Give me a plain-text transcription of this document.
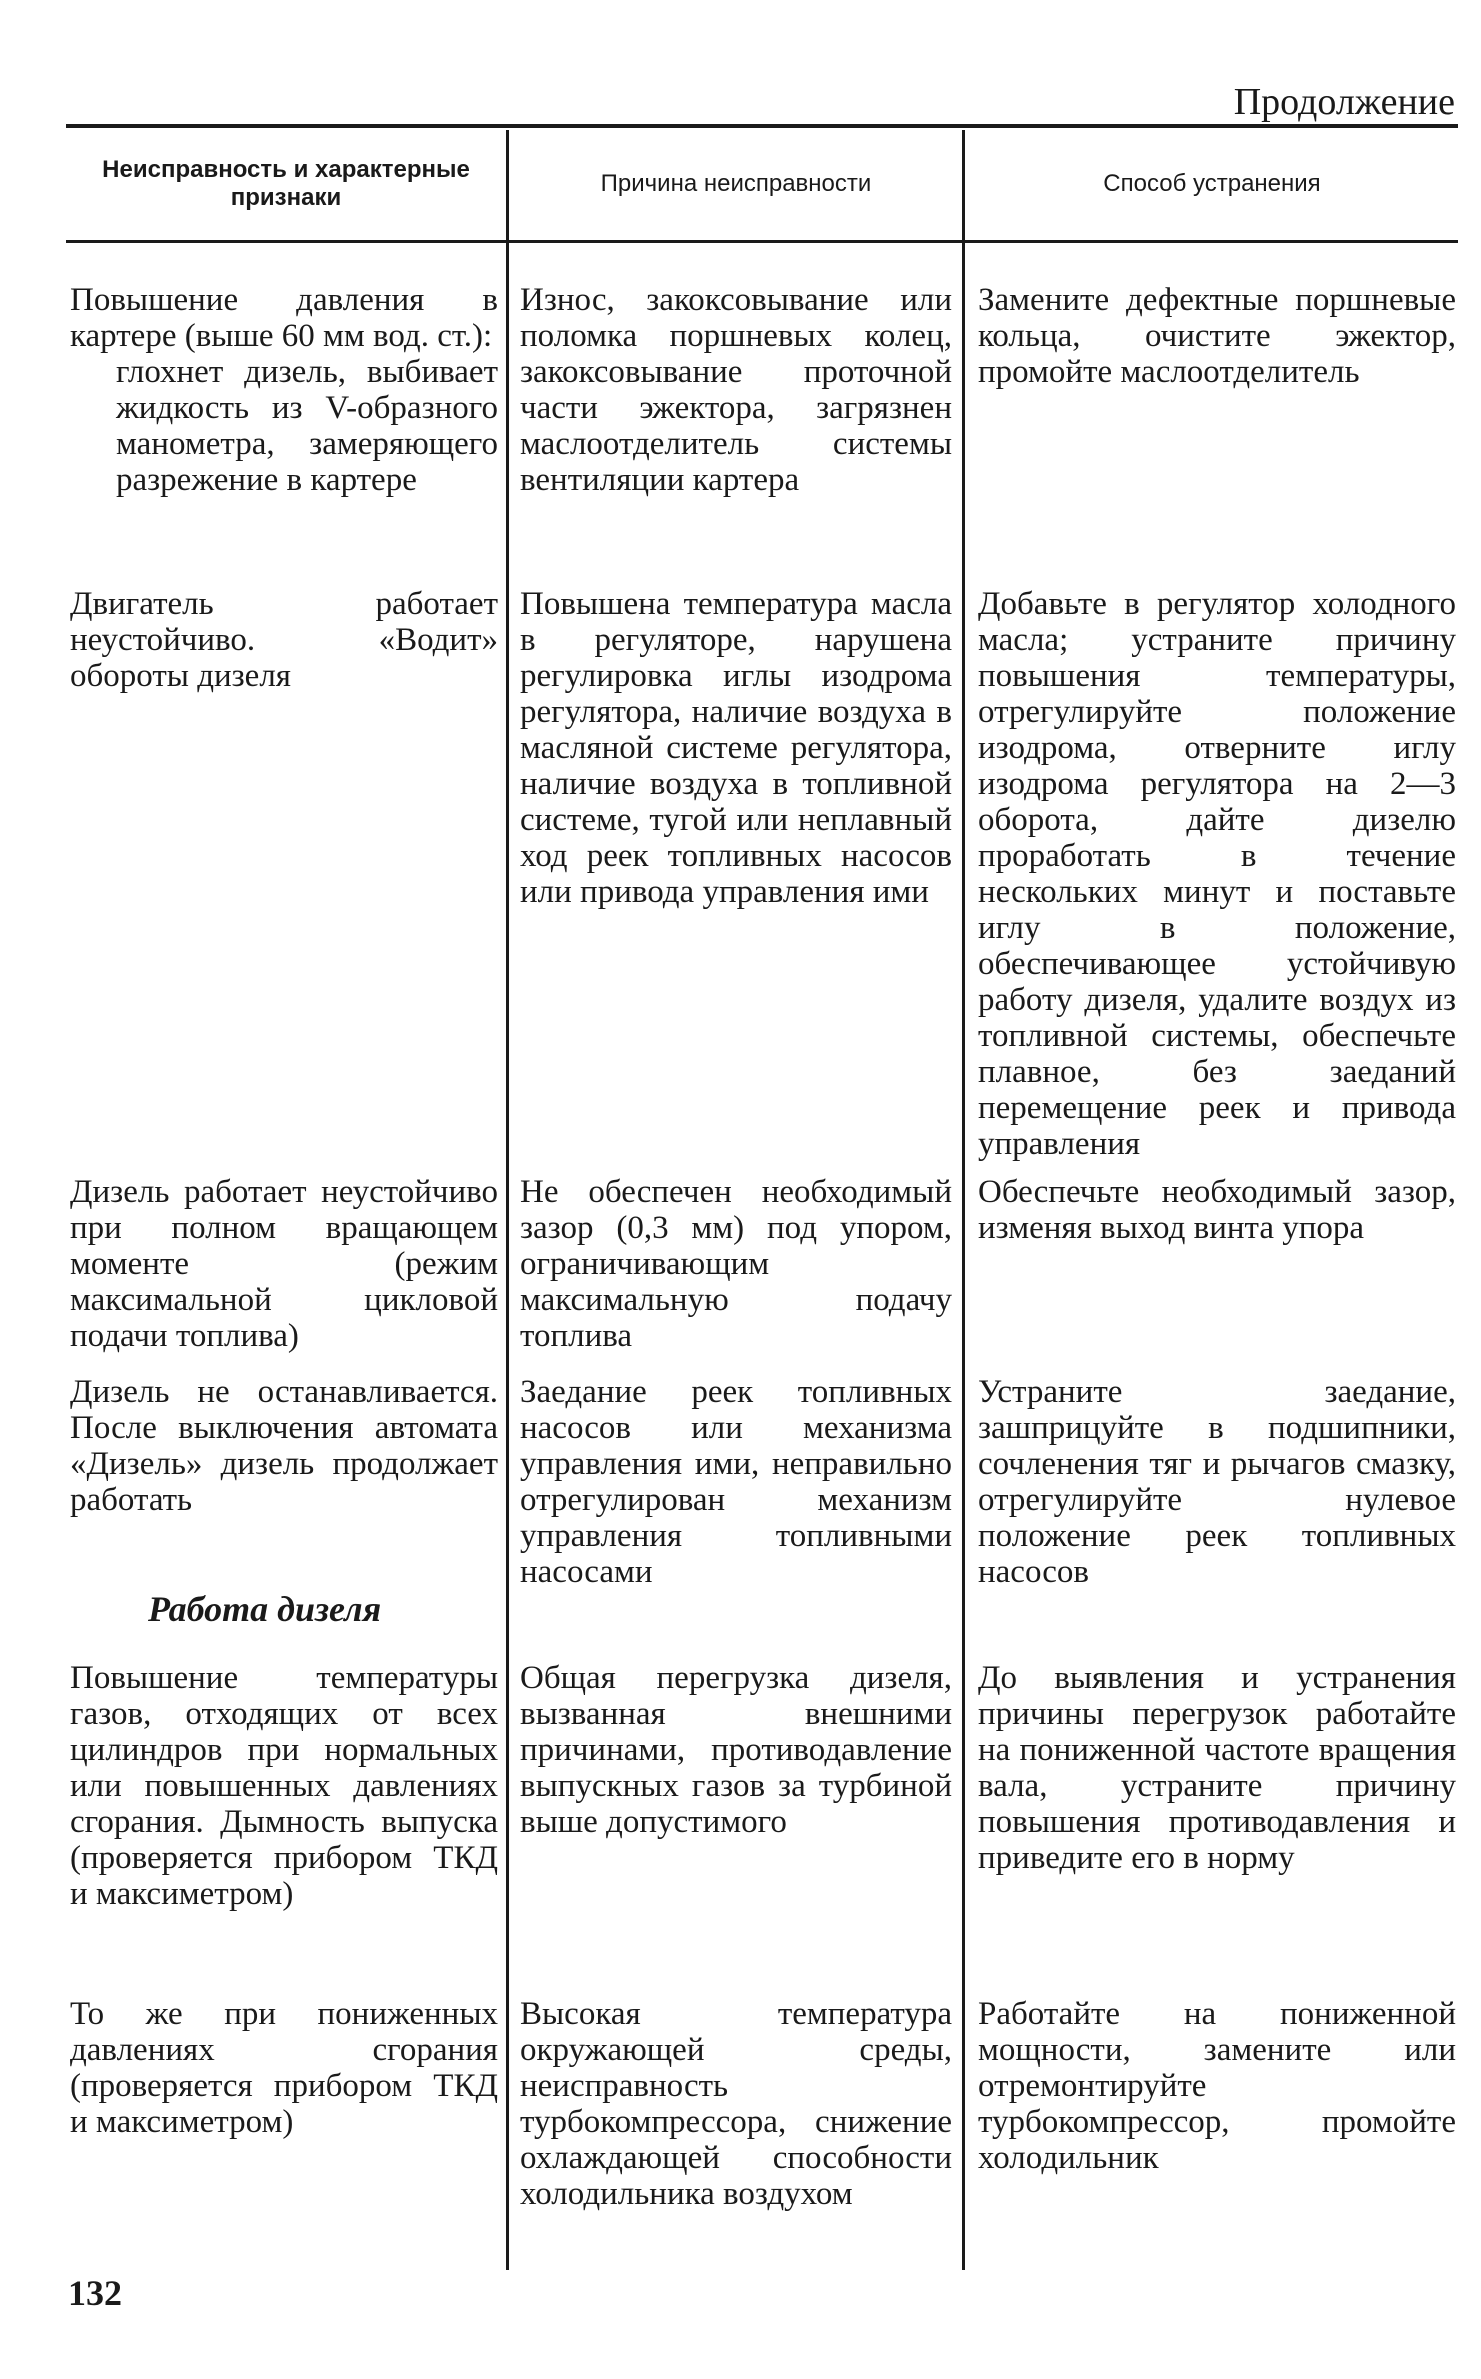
Продолжение
Неисправность и характерные признаки
Причина неисправности	Способ устранения
Повышение давления в картере (выше 60 мм вод. ст.):
глохнет дизель, выбивает жидкость из V-образного манометра, замеряющего разрежение в картере
Износ, закоксовывание или поломка поршневых колец, закоксовывание проточной части эжектора, загрязнен маслоотделитель системы вентиляции картера
Замените дефектные поршневые кольца, очистите эжектор, промойте маслоотделитель
Двигатель работает неустойчиво. «Водит» обороты дизеля
Повышена температура масла в регуляторе, нарушена регулировка иглы изодрома регулятора, наличие воздуха в масляной системе регулятора, наличие воздуха в топливной системе, тугой или неплавный ход реек топливных насосов или привода управления ими
Добавьте в регулятор холодного масла; устраните причину повышения температуры, отрегулируйте положение изодрома, отверните иглу изодрома регулятора на 2—3 оборота, дайте дизелю проработать в течение нескольких минут и поставьте иглу в положение, обеспечивающее устойчивую работу дизеля, удалите воздух из топливной системы, обеспечьте плавное, без заеданий перемещение реек и привода управления
Дизель работает неустойчиво при полном вращающем моменте (режим максимальной цикловой подачи топлива)
Не обеспечен необходимый зазор (0,3 мм) под упором, ограничивающим максимальную подачу топлива
Обеспечьте необходимый зазор, изменяя выход винта упора
Дизель не останавливается. После выключения автомата «Дизель» дизель продолжает работать
Заедание реек топливных насосов или механизма управления ими, неправильно отрегулирован механизм управления топливными насосами
Устраните заедание, зашприцуйте в подшипники, сочленения тяг и рычагов смазку, отрегулируйте нулевое положение реек топливных насосов
Работа дизеля
Повышение температуры газов, отходящих от всех цилиндров при нормальных или повышенных давлениях сгорания. Дымность выпуска (проверяется прибором ТКД и максиметром)
Общая перегрузка дизеля, вызванная внешними причинами, противодавление выпускных газов за турбиной выше допустимого
До выявления и устранения причины перегрузок работайте на пониженной частоте вращения вала, устраните причину повышения противодавления и приведите его в норму
То же при пониженных давлениях сгорания (проверяется прибором ТКД и максиметром)
Высокая температура окружающей среды, неисправность турбокомпрессора, снижение охлаждающей способности холодильника воздухом
Работайте на пониженной мощности, замените или отремонтируйте турбокомпрессор, промойте холодильник
132
